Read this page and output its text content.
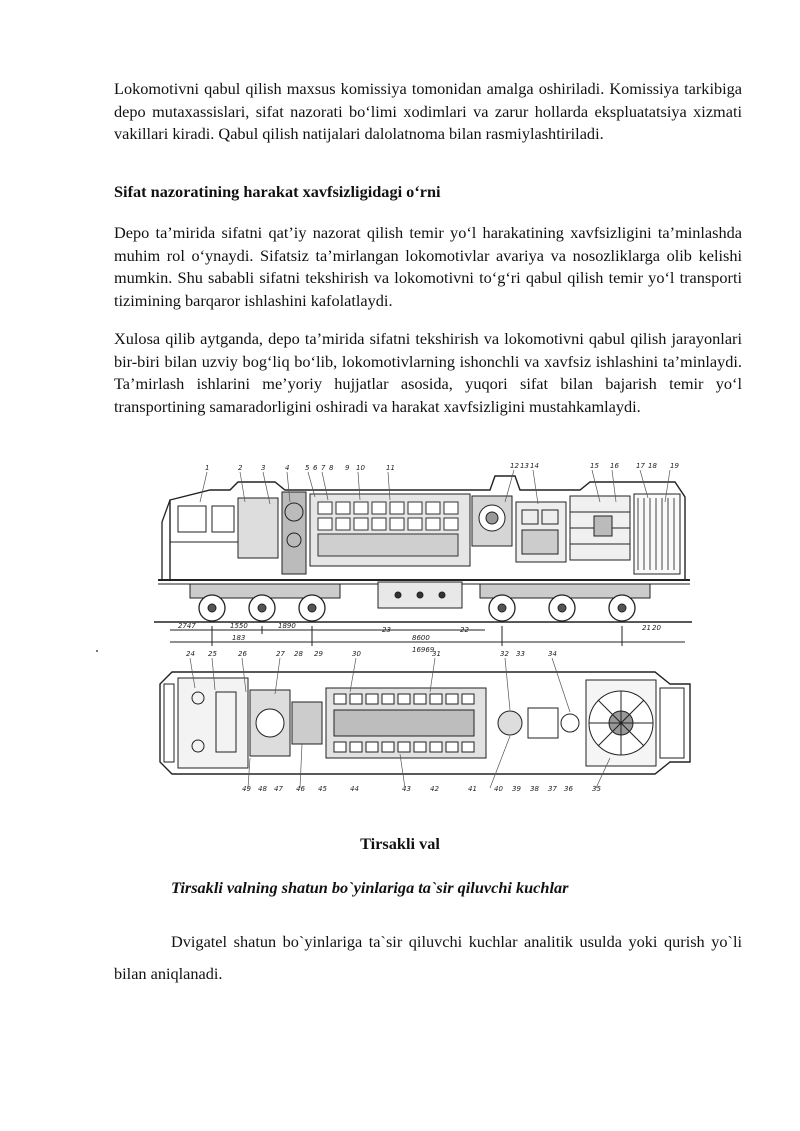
Lokomotivni qabul qilish maxsus komissiya tomonidan amalga oshiriladi. Komissiya tarkibiga depo mutaxassislari, sifat nazorati bo‘limi xodimlari va zarur hollarda ekspluatatsiya xizmati vakillari kiradi. Qabul qilish natijalari dalolatnoma bilan rasmiylashtiriladi.

Sifat nazoratining harakat xavfsizligidagi o‘rni

Depo ta’mirida sifatni qat’iy nazorat qilish temir yo‘l harakatining xavfsizligini ta’minlashda muhim rol o‘ynaydi. Sifatsiz ta’mirlangan lokomotivlar avariya va nosozliklarga olib kelishi mumkin. Shu sababli sifatni tekshirish va lokomotivni to‘g‘ri qabul qilish temir yo‘l transporti tizimining barqaror ishlashini kafolatlaydi.

Xulosa qilib aytganda, depo ta’mirida sifatni tekshirish va lokomotivni qabul qilish jarayonlari bir-biri bilan uzviy bog‘liq bo‘lib, lokomotivlarning ishonchli va xavfsiz ishlashini ta’minlaydi. Ta’mirlash ishlarini me’yoriy hujjatlar asosida, yuqori sifat bilan bajarish temir yo‘l transportining samaradorligini oshiradi va harakat xavfsizligini mustahkamlaydi.

1	2	3	4 5 6 7 8 9 10	11	12 13 14	15 16 17 18 19
2747	1550	1890
183	8600
16969
20
21
22
23
24 25	26	27 28 29	30	31	32 33	34
49 48 47 46 45	44	43	42	41 40 39 38 37 36	35

Tirsakli val

Tirsakli valning shatun bo`yinlariga ta`sir qiluvchi kuchlar

Dvigatel shatun bo`yinlariga ta`sir qiluvchi kuchlar analitik usulda yoki qurish yo`li bilan aniqlanadi.
